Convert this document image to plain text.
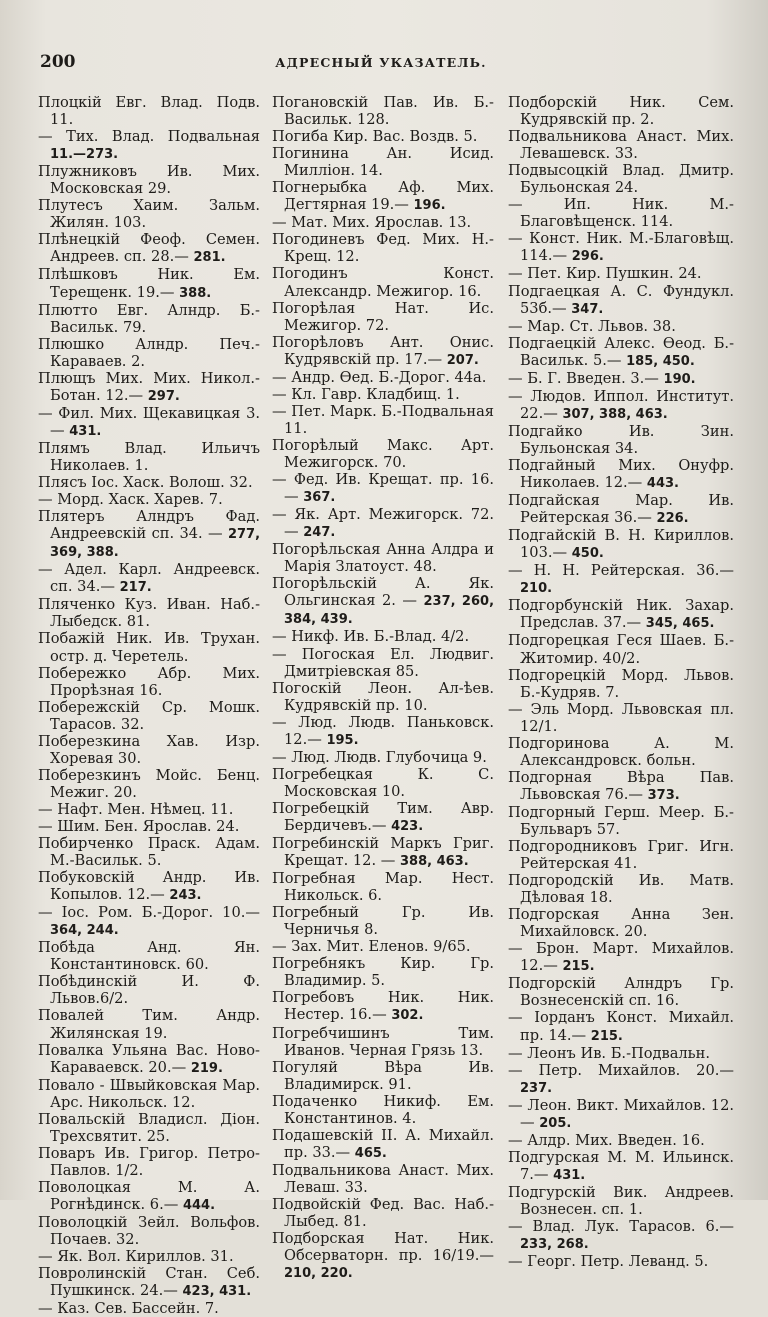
200	АДРЕСНЫЙ УКАЗАТЕЛЬ.

Плоцкій Евг. Влад. Подв. 11.

— Тих. Влад. Подвальная 11.—273.

Плужниковъ Ив. Мих. Московская 29.

Плутесъ Хаим. Зальм. Жилян. 103.

Плѣнецкій Феоф. Семен. Андреев. сп. 28.— 281.

Плѣшковъ Ник. Ем. Терещенк. 19.— 388.

Плютто Евг. Алндр. Б.-Васильк. 79.

Плюшко Алндр. Печ.-Караваев. 2.

Плющъ Мих. Мих. Никол.-Ботан. 12.— 297.

— Фил. Мих. Щекавицкая 3.— 431.

Плямъ Влад. Ильичъ Николаев. 1.

Плясъ Іос. Хаск. Волош. 32.

— Морд. Хаск. Харев. 7.

Плятеръ Алндръ Фад. Андреевскій сп. 34. — 277, 369, 388.

— Адел. Карл. Андреевск. сп. 34.— 217.

Пляченко Куз. Иван. Наб.-Лыбедск. 81.

Побажій Ник. Ив. Трухан. остр. д. Черетель.

Побережко Абр. Мих. Прорѣзная 16.

Побережскій Ср. Мошк. Тарасов. 32.

Поберезкина Хав. Изр. Хоревая 30.

Поберезкинъ Мойс. Бенц. Межиг. 20.

— Нафт. Мен. Нѣмец. 11.

— Шим. Бен. Ярослав. 24.

Побирченко Праск. Адам. М.-Васильк. 5.

Побуковскій Андр. Ив. Копылов. 12.— 243.

— Іос. Ром. Б.-Дорог. 10.— 364, 244.

Побѣда Анд. Ян. Константиновск. 60.

Побѣдинскій И. Ф. Львов.6/2.

Повалей Тим. Андр. Жилянская 19.

Повалка Ульяна Вас. Ново-Караваевск. 20.— 219.

Повало - Швыйковская Мар. Арс. Никольск. 12.

Повальскій Владисл. Діон. Трехсвятит. 25.

Поваръ Ив. Григор. Петро-Павлов. 1/2.

Поволоцкая М. А. Рогнѣдинск. 6.— 444.

Поволоцкій Зейл. Вольфов. Почаев. 32.

— Як. Вол. Кириллов. 31.

Повролинскій Стан. Себ. Пушкинск. 24.— 423, 431.

— Каз. Сев. Бассейн. 7.

Погановскій Пав. Ив. Б.-Васильк. 128.

Погиба Кир. Вас. Воздв. 5.

Погинина Ан. Исид. Милліон. 14.

Погнерыбка Аф. Мих. Дегтярная 19.— 196.

— Мат. Мих. Ярослав. 13.

Погодиневъ Фед. Мих. Н.-Крещ. 12.

Погодинъ Конст. Александр. Межигор. 16.

Погорѣлая Нат. Ис. Межигор. 72.

Погорѣловъ Ант. Онис. Кудрявскій пр. 17.— 207.

— Андр. Ѳед. Б.-Дорог. 44а.

— Кл. Гавр. Кладбищ. 1.

— Пет. Марк. Б.-Подвальная 11.

Погорѣлый Макс. Арт. Межигорск. 70.

— Фед. Ив. Крещат. пр. 16.— 367.

— Як. Арт. Межигорск. 72.— 247.

Погорѣльская Анна Алдра и Марія Златоуст. 48.

Погорѣльскій А. Як. Ольгинская 2. — 237, 260, 384, 439.

— Никф. Ив. Б.-Влад. 4/2.

— Погоская Ел. Людвиг. Дмитріевская 85.

Погоскій Леон. Ал-ѣев. Кудрявскій пр. 10.

— Люд. Людв. Паньковск. 12.— 195.

— Люд. Людв. Глубочица 9.

Погребецкая К. С. Московская 10.

Погребецкій Тим. Авр. Бердичевъ.— 423.

Погребинскій Маркъ Григ. Крещат. 12. — 388, 463.

Погребная Мар. Нест. Никольск. 6.

Погребный Гр. Ив. Черничья 8.

— Зах. Мит. Еленов. 9/65.

Погребнякъ Кир. Гр. Владимир. 5.

Погребовъ Ник. Ник. Нестер. 16.— 302.

Погребчишинъ Тим. Иванов. Черная Грязь 13.

Погуляй Вѣра Ив. Владимирск. 91.

Подаченко Никиф. Ем. Константинов. 4.

Подашевскій II. А. Михайл. пр. 33.— 465.

Подвальникова Анаст. Мих. Леваш. 33.

Подвойскій Фед. Вас. Наб.-Лыбед. 81.

Подборская Нат. Ник. Обсерваторн. пр. 16/19.— 210, 220.

Подборскій Ник. Сем. Кудрявскій пр. 2.

Подвальникова Анаст. Мих. Левашевск. 33.

Подвысоцкій Влад. Дмитр. Бульонская 24.

— Ип. Ник. М.-Благовѣщенск. 114.

— Конст. Ник. М.-Благовѣщ. 114.— 296.

— Пет. Кир. Пушкин. 24.

Подгаецкая А. С. Фундукл. 53б.— 347.

— Мар. Ст. Львов. 38.

Подгаецкій Алекс. Ѳеод. Б.-Васильк. 5.— 185, 450.

— Б. Г. Введен. 3.— 190.

— Людов. Иппол. Институт. 22.— 307, 388, 463.

Подгайко Ив. Зин. Бульонская 34.

Подгайный Мих. Онуфр. Николаев. 12.— 443.

Подгайская Мар. Ив. Рейтерская 36.— 226.

Подгайскій В. Н. Кириллов. 103.— 450.

— Н. Н. Рейтерская. 36.— 210.

Подгорбунскій Ник. Захар. Предслав. 37.— 345, 465.

Подгорецкая Геся Шаев. Б.-Житомир. 40/2.

Подгорецкій Морд. Львов. Б.-Кудряв. 7.

— Эль Морд. Львовская пл. 12/1.

Подгоринова А. М. Александровск. больн.

Подгорная Вѣра Пав. Львовская 76.— 373.

Подгорный Герш. Меер. Б.-Бульваръ 57.

Подгородниковъ Григ. Игн. Рейтерская 41.

Подгородскій Ив. Матв. Дѣловая 18.

Подгорская Анна Зен. Михайловск. 20.

— Брон. Март. Михайлов. 12.— 215.

Подгорскій Алндръ Гр. Вознесенскій сп. 16.

— Іорданъ Конст. Михайл. пр. 14.— 215.

— Леонъ Ив. Б.-Подвальн.

— Петр. Михайлов. 20.— 237.

— Леон. Викт. Михайлов. 12.— 205.

— Алдр. Мих. Введен. 16.

Подгурская М. М. Ильинск. 7.— 431.

Подгурскій Вик. Андреев. Вознесен. сп. 1.

— Влад. Лук. Тарасов. 6.— 233, 268.

— Георг. Петр. Леванд. 5.
